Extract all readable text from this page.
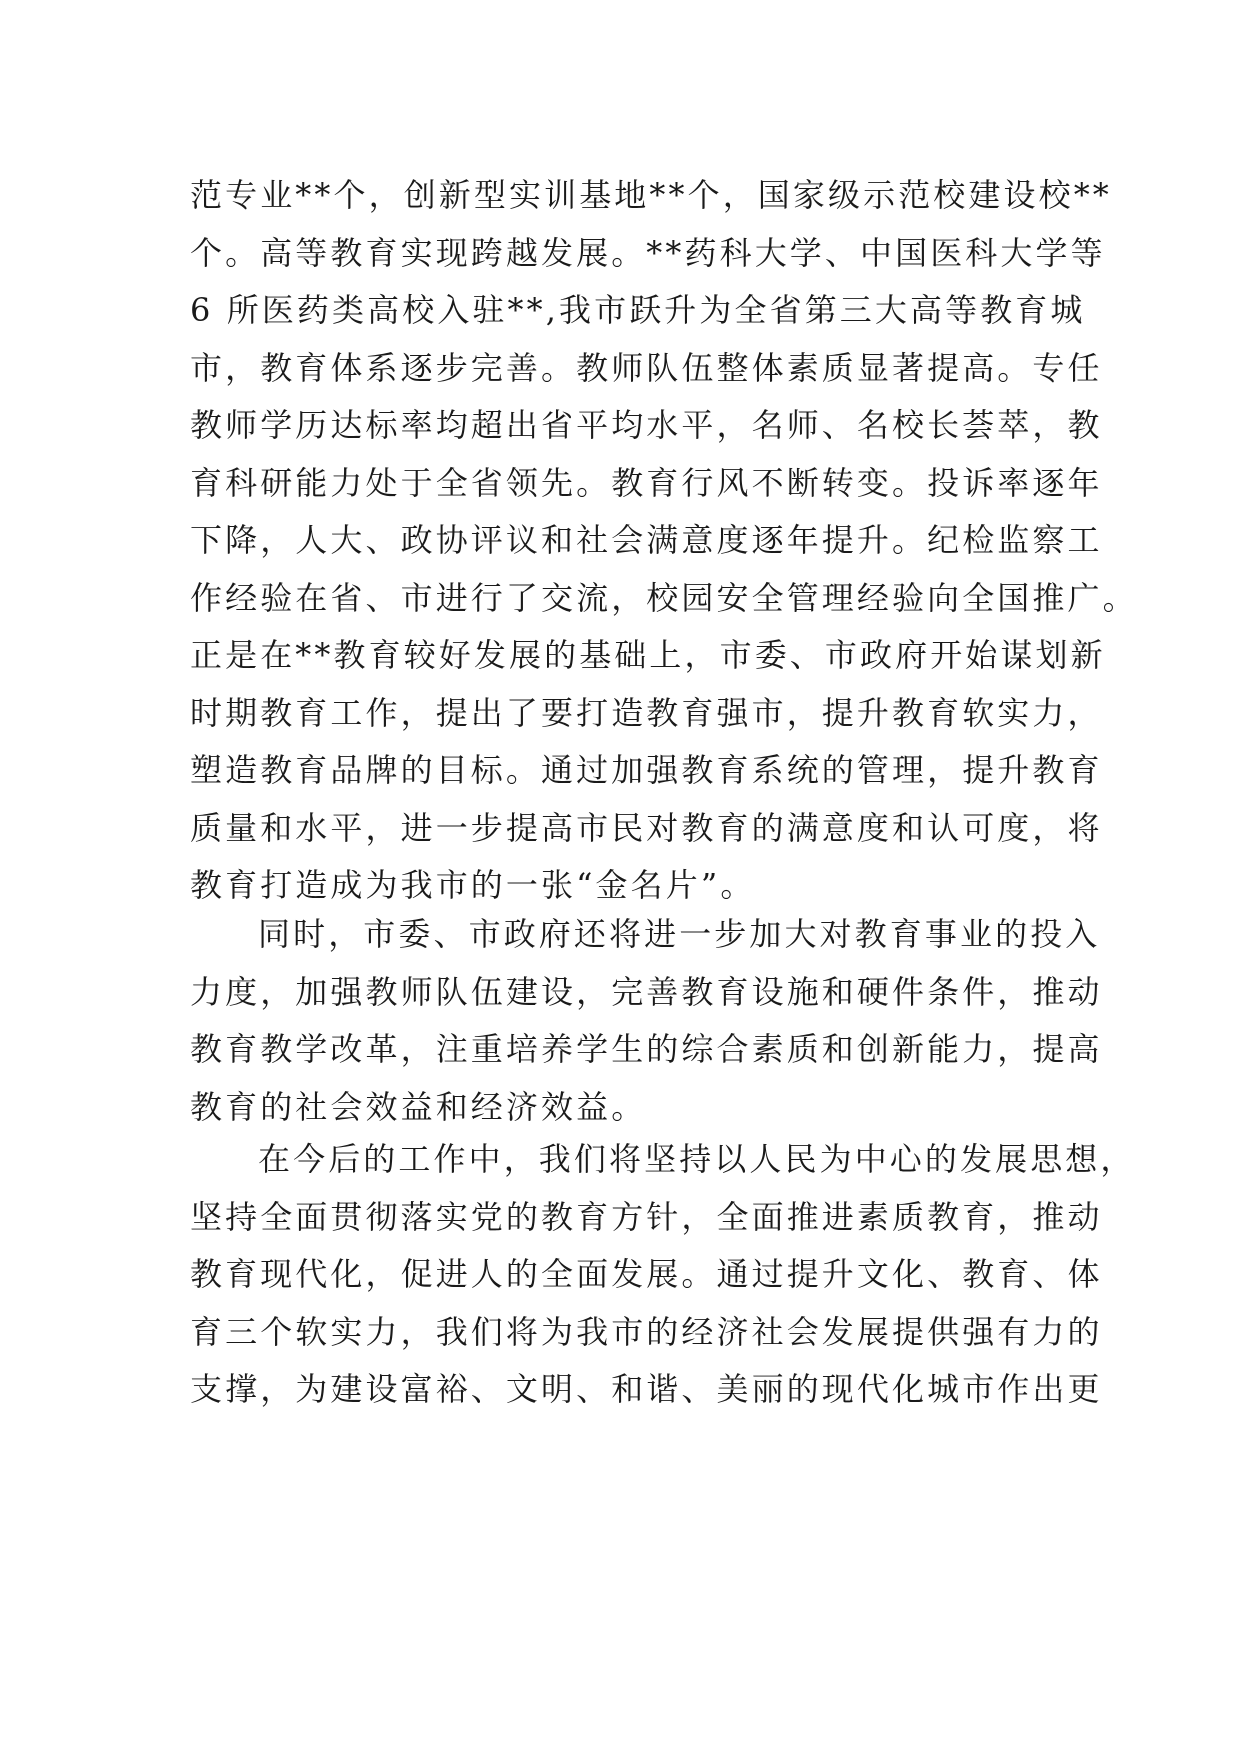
范专业**个，创新型实训基地**个，国家级示范校建设校**
个。高等教育实现跨越发展。**药科大学、中国医科大学等
6 所医药类高校入驻**,我市跃升为全省第三大高等教育城
市，教育体系逐步完善。教师队伍整体素质显著提高。专任
教师学历达标率均超出省平均水平，名师、名校长荟萃，教
育科研能力处于全省领先。教育行风不断转变。投诉率逐年
下降，人大、政协评议和社会满意度逐年提升。纪检监察工
作经验在省、市进行了交流，校园安全管理经验向全国推广。
正是在**教育较好发展的基础上，市委、市政府开始谋划新
时期教育工作，提出了要打造教育强市，提升教育软实力，
塑造教育品牌的目标。通过加强教育系统的管理，提升教育
质量和水平，进一步提高市民对教育的满意度和认可度，将
教育打造成为我市的一张“金名片”。
同时，市委、市政府还将进一步加大对教育事业的投入
力度，加强教师队伍建设，完善教育设施和硬件条件，推动
教育教学改革，注重培养学生的综合素质和创新能力，提高
教育的社会效益和经济效益。
在今后的工作中，我们将坚持以人民为中心的发展思想，
坚持全面贯彻落实党的教育方针，全面推进素质教育，推动
教育现代化，促进人的全面发展。通过提升文化、教育、体
育三个软实力，我们将为我市的经济社会发展提供强有力的
支撑，为建设富裕、文明、和谐、美丽的现代化城市作出更
